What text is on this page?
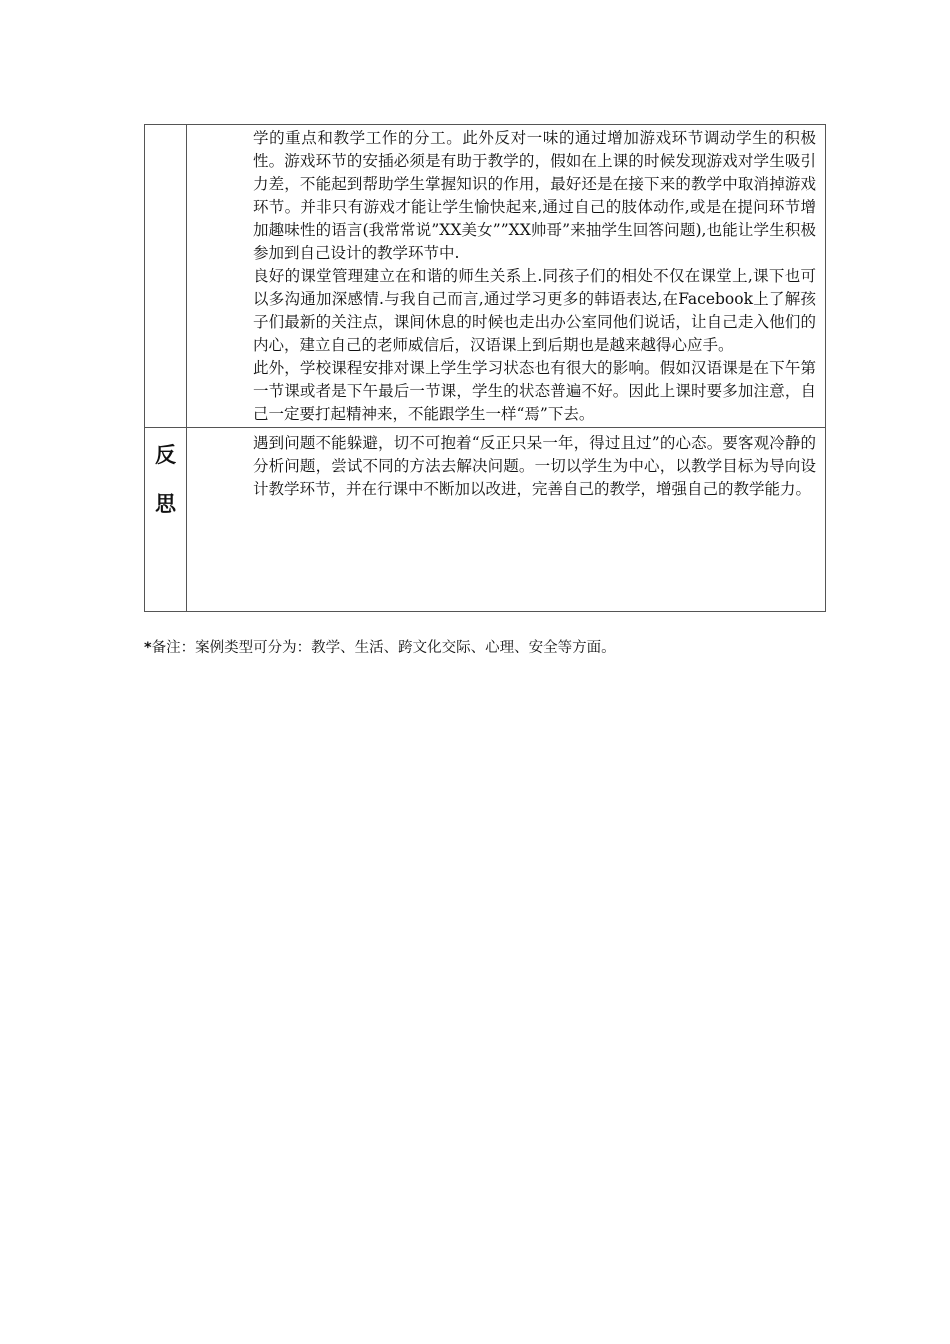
	学的重点和教学工作的分工。此外反对一味的通过增加游戏环节调动学生的积极性。游戏环节的安插必须是有助于教学的，假如在上课的时候发现游戏对学生吸引力差，不能起到帮助学生掌握知识的作用，最好还是在接下来的教学中取消掉游戏环节。并非只有游戏才能让学生愉快起来,通过自己的肢体动作,或是在提问环节增加趣味性的语言(我常常说”XX美女””XX帅哥”来抽学生回答问题),也能让学生积极参加到自己设计的教学环节中.

良好的课堂管理建立在和谐的师生关系上.同孩子们的相处不仅在课堂上,课下也可以多沟通加深感情.与我自己而言,通过学习更多的韩语表达,在Facebook上了解孩子们最新的关注点，课间休息的时候也走出办公室同他们说话，让自己走入他们的内心，建立自己的老师威信后，汉语课上到后期也是越来越得心应手。

此外，学校课程安排对课上学生学习状态也有很大的影响。假如汉语课是在下午第一节课或者是下午最后一节课，学生的状态普遍不好。因此上课时要多加注意，自己一定要打起精神来，不能跟学生一样“焉”下去。

反
思	遇到问题不能躲避，切不可抱着“反正只呆一年，得过且过”的心态。要客观冷静的分析问题，尝试不同的方法去解决问题。一切以学生为中心，以教学目标为导向设计教学环节，并在行课中不断加以改进，完善自己的教学，增强自己的教学能力。

*备注：案例类型可分为：教学、生活、跨文化交际、心理、安全等方面。
